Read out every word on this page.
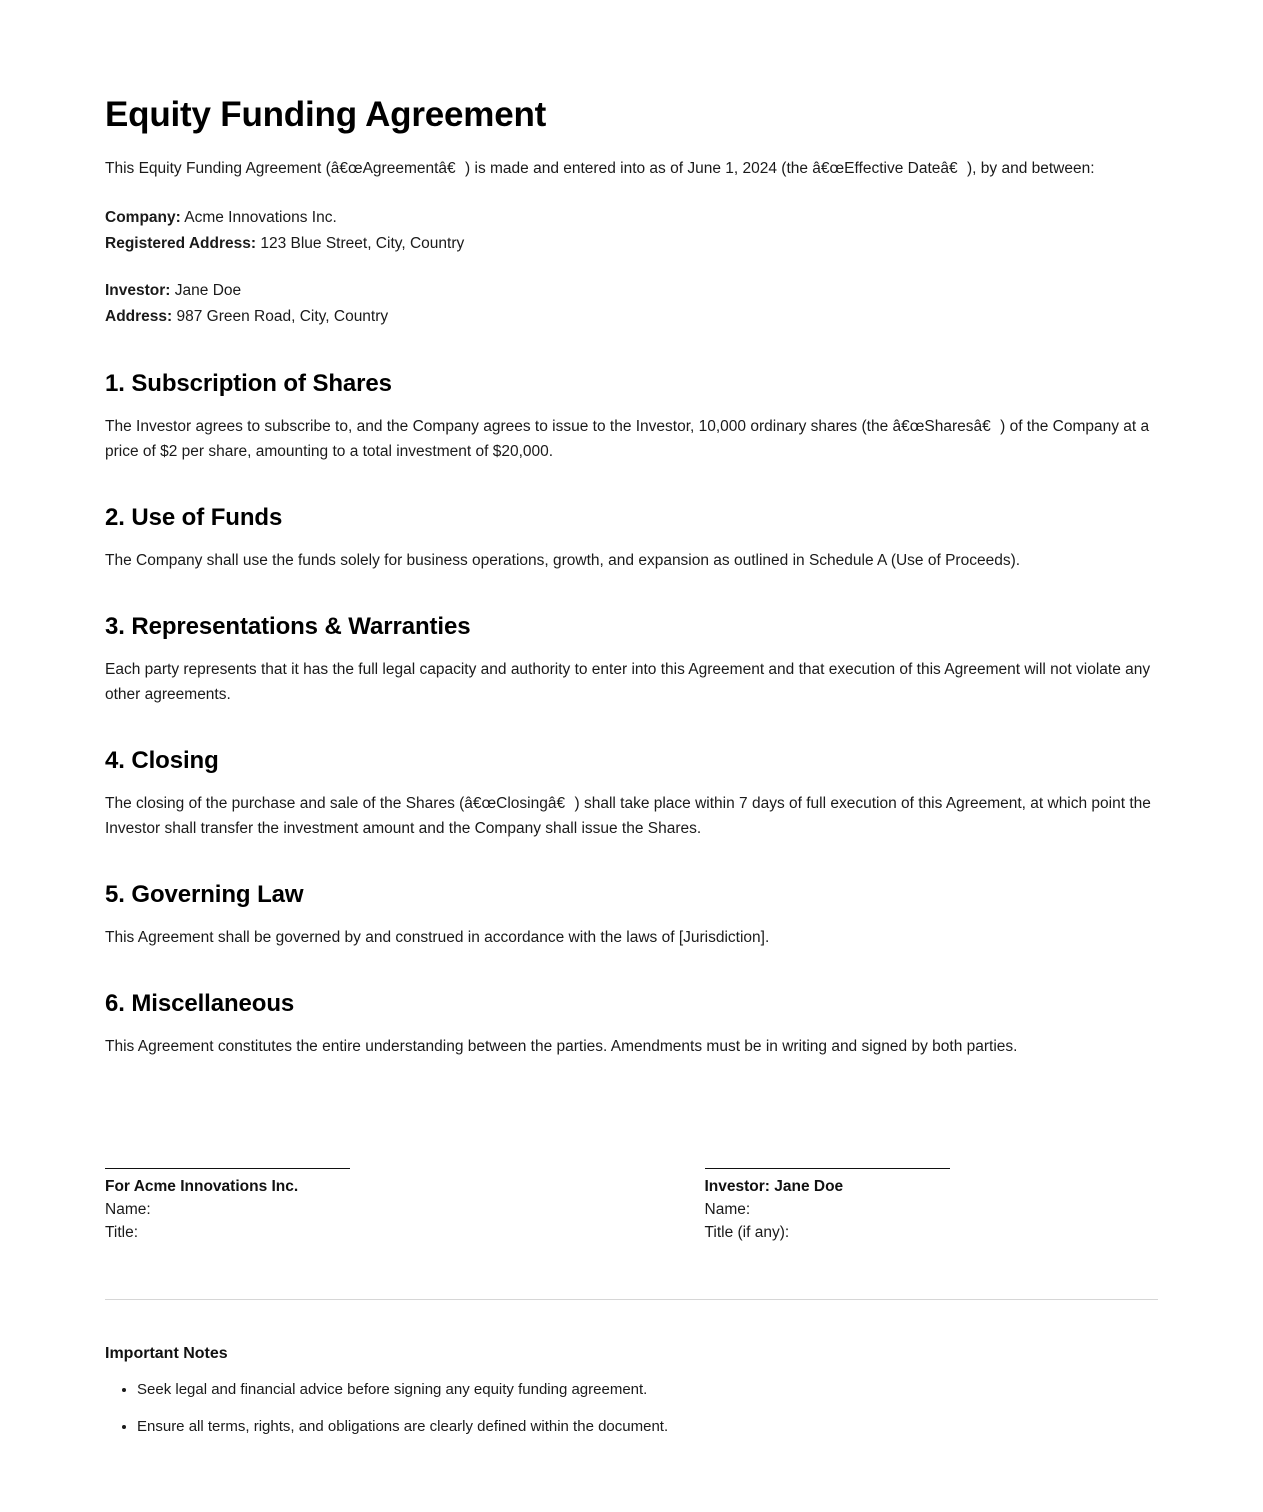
Equity Funding Agreement

This Equity Funding Agreement (â€œAgreementâ€) is made and entered into as of June 1, 2024 (the â€œEffective Dateâ€), by and between:

Company: Acme Innovations Inc.
Registered Address: 123 Blue Street, City, Country
Investor: Jane Doe
Address: 987 Green Road, City, Country
1. Subscription of Shares

The Investor agrees to subscribe to, and the Company agrees to issue to the Investor, 10,000 ordinary shares (the â€œSharesâ€) of the Company at a price of $2 per share, amounting to a total investment of $20,000.

2. Use of Funds

The Company shall use the funds solely for business operations, growth, and expansion as outlined in Schedule A (Use of Proceeds).

3. Representations & Warranties

Each party represents that it has the full legal capacity and authority to enter into this Agreement and that execution of this Agreement will not violate any other agreements.

4. Closing

The closing of the purchase and sale of the Shares (â€œClosingâ€) shall take place within 7 days of full execution of this Agreement, at which point the Investor shall transfer the investment amount and the Company shall issue the Shares.

5. Governing Law

This Agreement shall be governed by and construed in accordance with the laws of [Jurisdiction].

6. Miscellaneous

This Agreement constitutes the entire understanding between the parties. Amendments must be in writing and signed by both parties.

For Acme Innovations Inc.
Name:
Title:
Investor: Jane Doe
Name:
Title (if any):
Important Notes
• Seek legal and financial advice before signing any equity funding agreement.
• Ensure all terms, rights, and obligations are clearly defined within the document.
